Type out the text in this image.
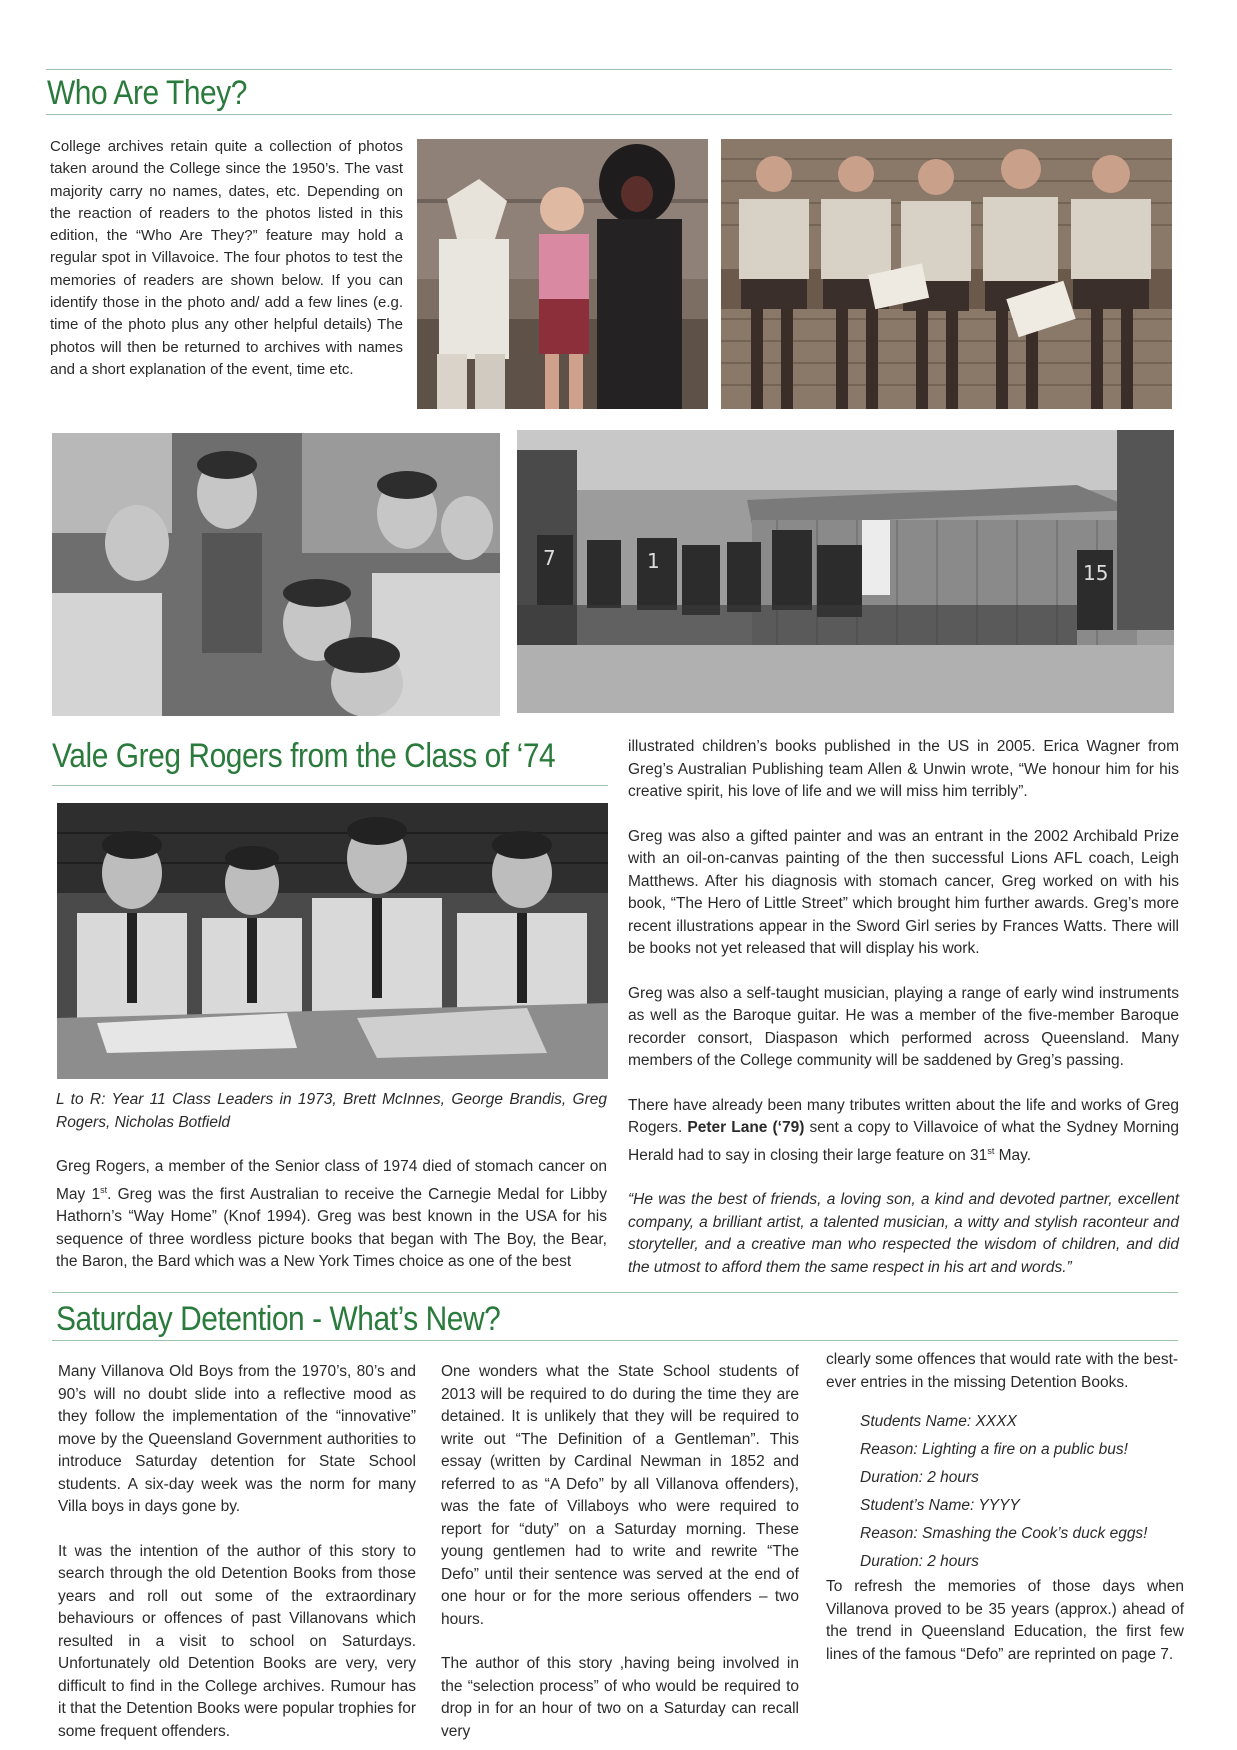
Who Are They?

College archives retain quite a collection of photos taken around the College since the 1950’s. The vast majority carry no names, dates, etc. Depending on the reaction of readers to the photos listed in this edition, the “Who Are They?” feature may hold a regular spot in Villavoice. The four photos to test the memories of readers are shown below. If you can identify those in the photo and/ add a few lines (e.g. time of the photo plus any other helpful details) The photos will then be returned to archives with names and a short explanation of the event, time etc.

7	1	15
Vale Greg Rogers from the Class of ‘74

L to R: Year 11 Class Leaders in 1973, Brett McInnes, George Brandis, Greg Rogers, Nicholas Botfield

Greg Rogers, a member of the Senior class of 1974 died of stomach cancer on May 1st. Greg was the first Australian to receive the Carnegie Medal for Libby Hathorn’s “Way Home” (Knof 1994). Greg was best known in the USA for his sequence of three wordless picture books that began with The Boy, the Bear, the Baron, the Bard which was a New York Times choice as one of the best

illustrated children’s books published in the US in 2005. Erica Wagner from Greg’s Australian Publishing team Allen & Unwin wrote, “We honour him for his creative spirit, his love of life and we will miss him terribly”.

Greg was also a gifted painter and was an entrant in the 2002 Archibald Prize with an oil-on-canvas painting of the then successful Lions AFL coach, Leigh Matthews. After his diagnosis with stomach cancer, Greg worked on with his book, “The Hero of Little Street” which brought him further awards. Greg’s more recent illustrations appear in the Sword Girl series by Frances Watts. There will be books not yet released that will display his work.

Greg was also a self-taught musician, playing a range of early wind instruments as well as the Baroque guitar. He was a member of the five-member Baroque recorder consort, Diaspason which performed across Queensland. Many members of the College community will be saddened by Greg’s passing.

There have already been many tributes written about the life and works of Greg Rogers. Peter Lane (‘79) sent a copy to Villavoice of what the Sydney Morning Herald had to say in closing their large feature on 31st May.

“He was the best of friends, a loving son, a kind and devoted partner, excellent company, a brilliant artist, a talented musician, a witty and stylish raconteur and storyteller, and a creative man who respected the wisdom of children, and did the utmost to afford them the same respect in his art and words.”

Saturday Detention - What’s New?

Many Villanova Old Boys from the 1970’s, 80’s and 90’s will no doubt slide into a reflective mood as they follow the implementation of the “innovative” move by the Queensland Government authorities to introduce Saturday detention for State School students. A six-day week was the norm for many Villa boys in days gone by.

It was the intention of the author of this story to search through the old Detention Books from those years and roll out some of the extraordinary behaviours or offences of past Villanovans which resulted in a visit to school on Saturdays. Unfortunately old Detention Books are very, very difficult to find in the College archives. Rumour has it that the Detention Books were popular trophies for some frequent offenders.

One wonders what the State School students of 2013 will be required to do during the time they are detained. It is unlikely that they will be required to write out “The Definition of a Gentleman”. This essay (written by Cardinal Newman in 1852 and referred to as “A Defo” by all Villanova offenders), was the fate of Villaboys who were required to report for “duty” on a Saturday morning. These young gentlemen had to write and rewrite “The Defo” until their sentence was served at the end of one hour or for the more serious offenders – two hours.

The author of this story ,having being involved in the “selection process” of who would be required to drop in for an hour of two on a Saturday can recall very

clearly some offences that would rate with the best-ever entries in the missing Detention Books.

Students Name: XXXX

Reason: Lighting a fire on a public bus!

Duration: 2 hours

Student’s Name: YYYY

Reason: Smashing the Cook’s duck eggs!

Duration: 2 hours

To refresh the memories of those days when Villanova proved to be 35 years (approx.) ahead of the trend in Queensland Education, the first few lines of the famous “Defo” are reprinted on page 7.
